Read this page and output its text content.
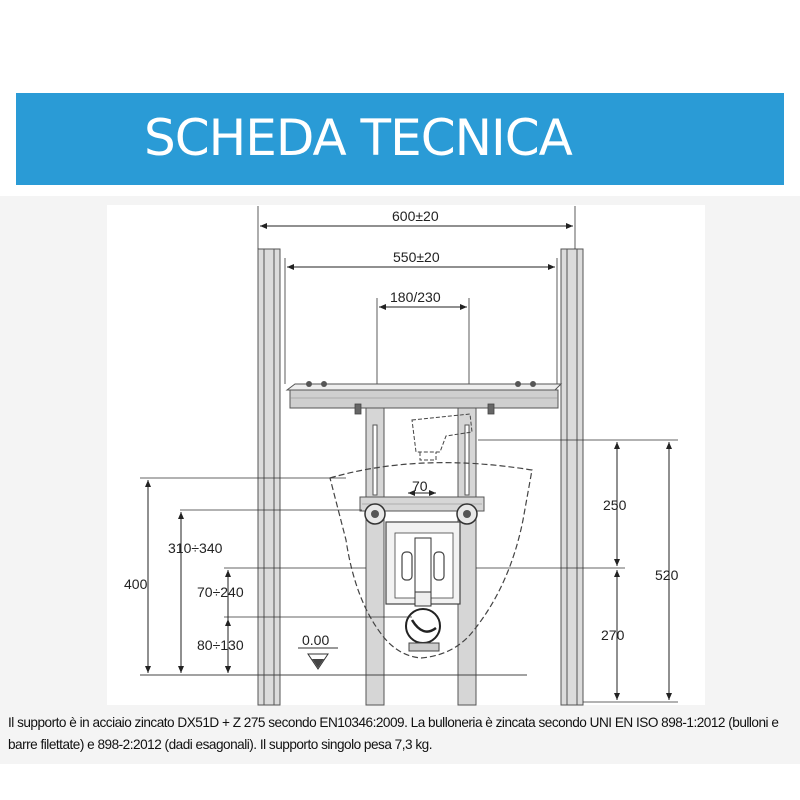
SCHEDA TECNICA
600±20
550±20
180/230
70
0.00
400
310÷340
70÷240
80÷130
250
270
520

Il supporto è in acciaio zincato DX51D + Z 275 secondo EN10346:2009. La bulloneria è zincata secondo UNI EN ISO 898-1:2012 (bulloni e barre filettate) e 898-2:2012 (dadi esagonali). Il supporto singolo pesa 7,3 kg.
